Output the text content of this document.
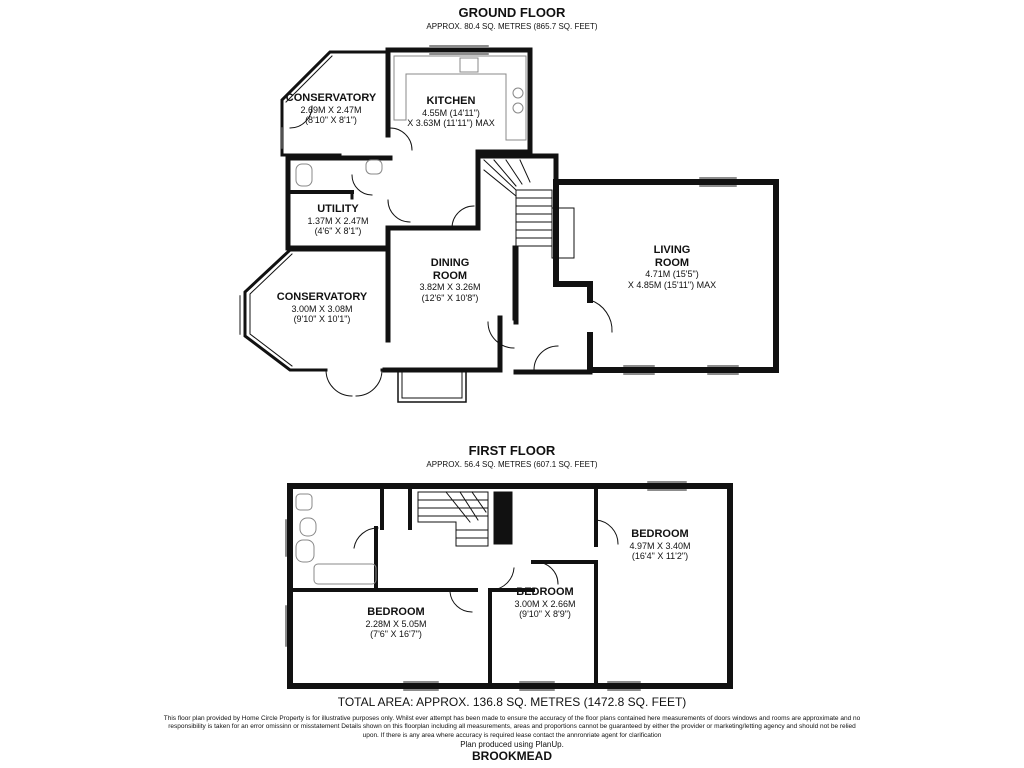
GROUND FLOOR
APPROX. 80.4 SQ. METRES (865.7 SQ. FEET)
CONSERVATORY
2.69M X 2.47M
(8'10" X 8'1")
KITCHEN
4.55M (14'11")
X 3.63M (11'11") MAX
UTILITY
1.37M X 2.47M
(4'6" X 8'1")
DINING
ROOM
3.82M X 3.26M
(12'6" X 10'8")
CONSERVATORY
3.00M X 3.08M
(9'10" X 10'1")
LIVING
ROOM
4.71M (15'5")
X 4.85M (15'11") MAX
FIRST FLOOR
APPROX. 56.4 SQ. METRES (607.1 SQ. FEET)
BEDROOM
4.97M X 3.40M
(16'4" X 11'2")
BEDROOM
3.00M X 2.66M
(9'10" X 8'9")
BEDROOM
2.28M X 5.05M
(7'6" X 16'7")
TOTAL AREA: APPROX. 136.8 SQ. METRES (1472.8 SQ. FEET)
This floor plan provided by Home Circle Property is for illustrative purposes only. Whilst ever attempt has been made to ensure the accuracy of the floor plans contained here measurements of doors windows and rooms are approximate and no responsibility is taken for an error omissinn or misstatement Details shown on this floorplan including all measurements, areas and proportions cannot be guaranteed by either the provider or marketing/letting agency and should not be relied upon. If there is any area where accuracy is required lease contact the annronriate agent for clarification
Plan produced using PlanUp.
BROOKMEAD
